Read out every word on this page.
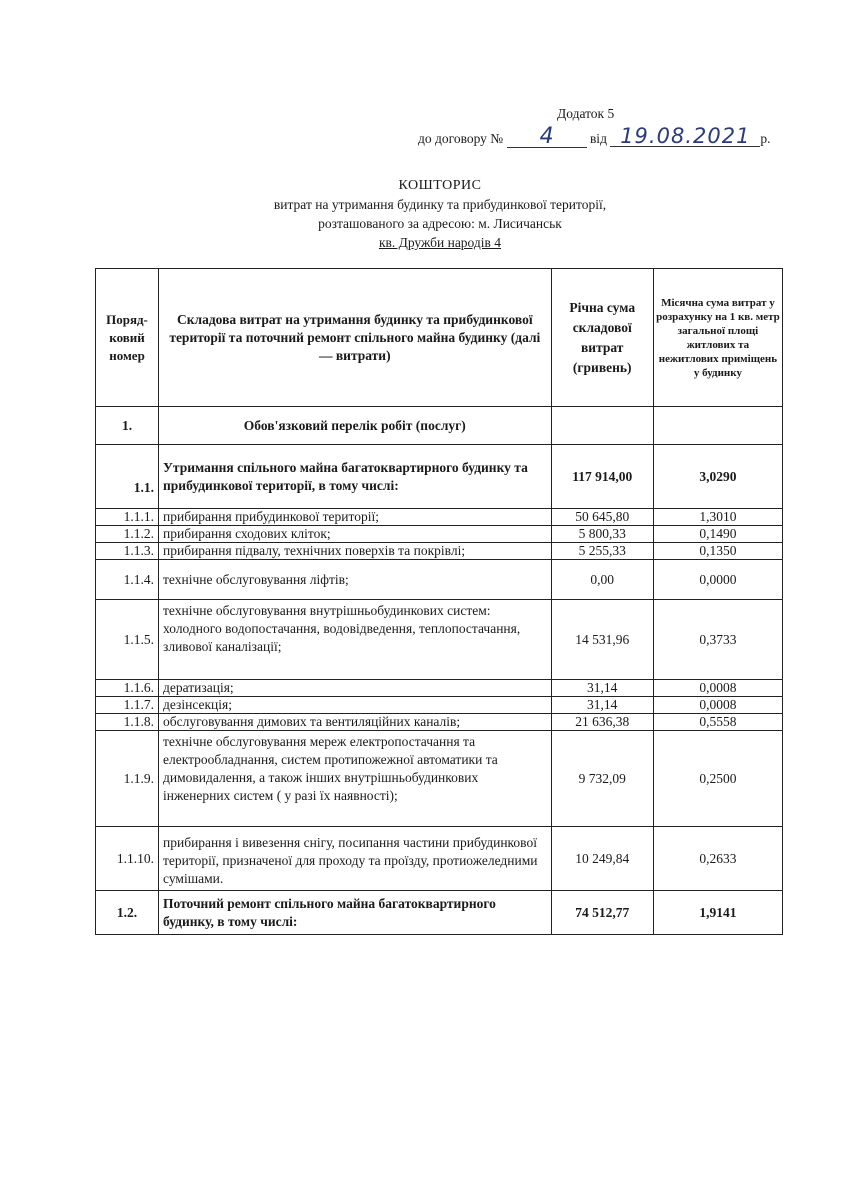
Додаток 5
до договору № 4	від 19.08.2021 р.
КОШТОРИС
витрат на утримання будинку та прибудинкової території,
розташованого за адресою: м. Лисичанськ
кв. Дружби народів 4
Поряд-
ковий
номер	Складова витрат на утримання будинку та прибудинкової території та поточний ремонт спільного майна будинку (далі — витрати)	Річна сума складової витрат (гривень)	Місячна сума витрат у розрахунку на 1 кв. метр загальної площі житлових та нежитлових приміщень у будинку
1.	Обов'язковий перелік робіт (послуг)		
1.1.	Утримання спільного майна багатоквартирного будинку та прибудинкової території, в тому числі:	117 914,00	3,0290
1.1.1.	прибирання прибудинкової території;	50 645,80	1,3010
1.1.2.	прибирання сходових кліток;	5 800,33	0,1490
1.1.3.	прибирання підвалу, технічних поверхів та покрівлі;	5 255,33	0,1350
1.1.4.	технічне обслуговування ліфтів;	0,00	0,0000
1.1.5.	технічне обслуговування внутрішньобудинкових систем: холодного водопостачання, водовідведення, теплопостачання, зливової каналізації;	14 531,96	0,3733
1.1.6.	дератизація;	31,14	0,0008
1.1.7.	дезінсекція;	31,14	0,0008
1.1.8.	обслуговування димових та вентиляційних каналів;	21 636,38	0,5558
1.1.9.	технічне обслуговування мереж електропостачання та електрообладнання, систем протипожежної автоматики та димовидалення, а також інших внутрішньобудинкових інженерних систем ( у разі їх наявності);	9 732,09	0,2500
1.1.10.	прибирання і вивезення снігу, посипання частини прибудинкової території, призначеної для проходу та проїзду, протиожеледними сумішами.	10 249,84	0,2633
1.2.	Поточний ремонт спільного майна багатоквартирного будинку, в тому числі:	74 512,77	1,9141
